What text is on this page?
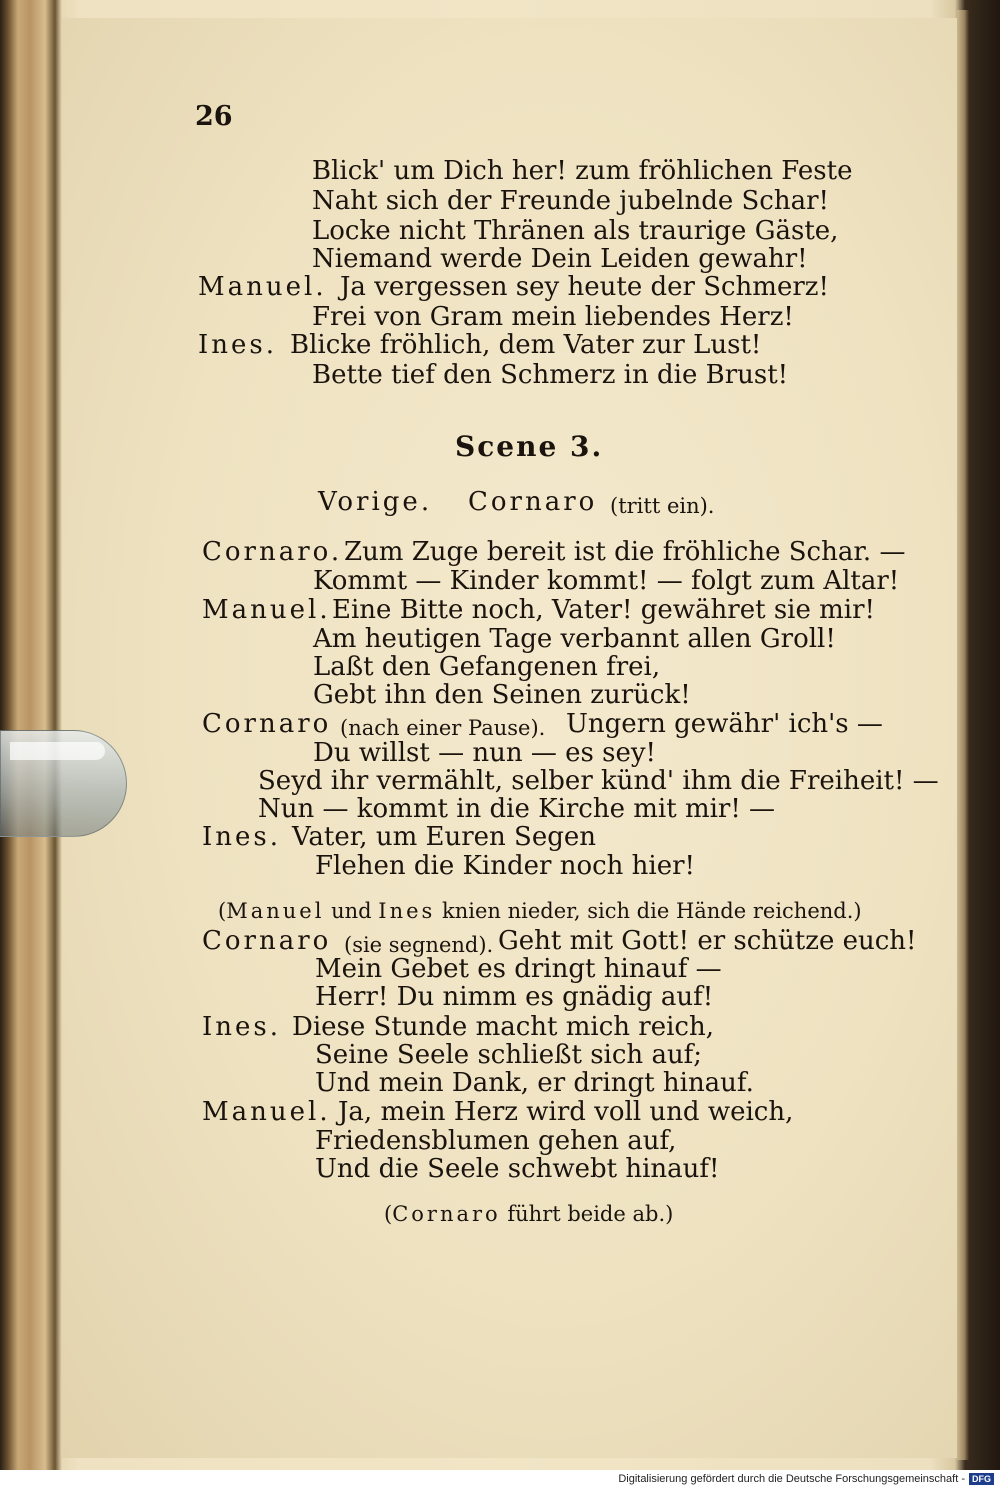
26
Blick' um Dich her! zum fröhlichen Feste
Naht sich der Freunde jubelnde Schar!
Locke nicht Thränen als traurige Gäste,
Niemand werde Dein Leiden gewahr!
Manuel. Ja vergessen sey heute der Schmerz!
Frei von Gram mein liebendes Herz!
Ines. Blicke fröhlich, dem Vater zur Lust!
Bette tief den Schmerz in die Brust!
Scene 3.
Vorige. Cornaro (tritt ein).
Cornaro. Zum Zuge bereit ist die fröhliche Schar. —
Kommt — Kinder kommt! — folgt zum Altar!
Manuel. Eine Bitte noch, Vater! gewähret sie mir!
Am heutigen Tage verbannt allen Groll!
Laßt den Gefangenen frei,
Gebt ihn den Seinen zurück!
Cornaro (nach einer Pause). Ungern gewähr' ich's —
Du willst — nun — es sey!
Seyd ihr vermählt, selber künd' ihm die Freiheit! —
Nun — kommt in die Kirche mit mir! —
Ines. Vater, um Euren Segen
Flehen die Kinder noch hier!
(Manuel und Ines knien nieder, sich die Hände reichend.)
Cornaro (sie segnend). Geht mit Gott! er schütze euch!
Mein Gebet es dringt hinauf —
Herr! Du nimm es gnädig auf!
Ines. Diese Stunde macht mich reich,
Seine Seele schließt sich auf;
Und mein Dank, er dringt hinauf.
Manuel. Ja, mein Herz wird voll und weich,
Friedensblumen gehen auf,
Und die Seele schwebt hinauf!
(Cornaro führt beide ab.)
Digitalisierung gefördert durch die Deutsche Forschungsgemeinschaft - DFG
